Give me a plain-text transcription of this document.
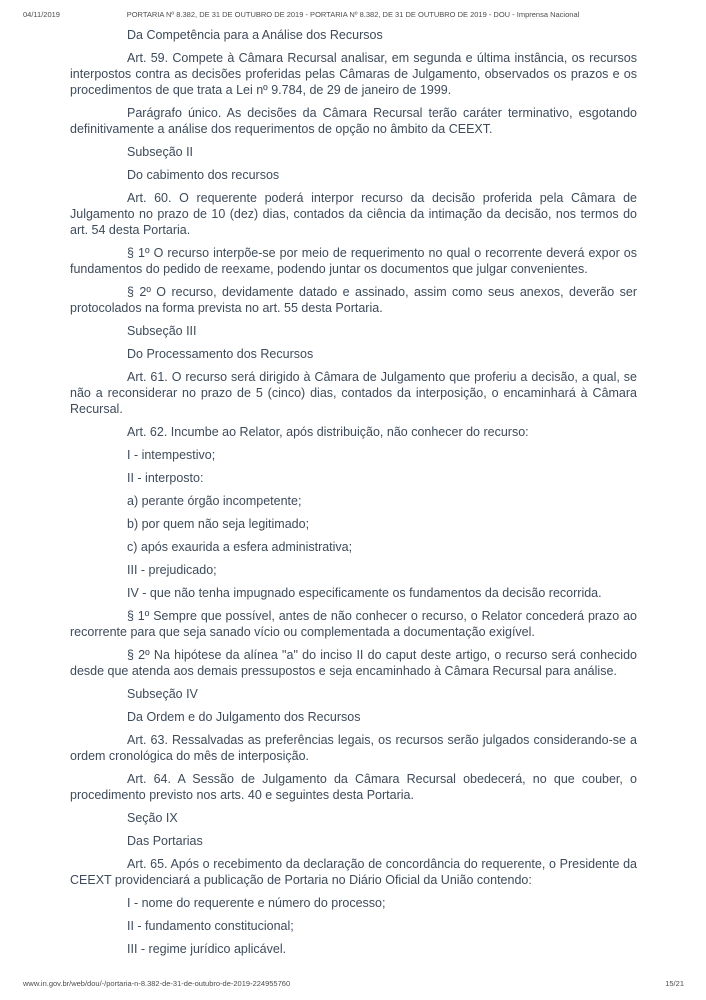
04/11/2019	PORTARIA Nº 8.382, DE 31 DE OUTUBRO DE 2019 - PORTARIA Nº 8.382, DE 31 DE OUTUBRO DE 2019 - DOU - Imprensa Nacional

Da Competência para a Análise dos Recursos

Art. 59. Compete à Câmara Recursal analisar, em segunda e última instância, os recursos interpostos contra as decisões proferidas pelas Câmaras de Julgamento, observados os prazos e os procedimentos de que trata a Lei nº 9.784, de 29 de janeiro de 1999.

Parágrafo único. As decisões da Câmara Recursal terão caráter terminativo, esgotando definitivamente a análise dos requerimentos de opção no âmbito da CEEXT.

Subseção II

Do cabimento dos recursos

Art. 60. O requerente poderá interpor recurso da decisão proferida pela Câmara de Julgamento no prazo de 10 (dez) dias, contados da ciência da intimação da decisão, nos termos do art. 54 desta Portaria.

§ 1º O recurso interpõe-se por meio de requerimento no qual o recorrente deverá expor os fundamentos do pedido de reexame, podendo juntar os documentos que julgar convenientes.

§ 2º O recurso, devidamente datado e assinado, assim como seus anexos, deverão ser protocolados na forma prevista no art. 55 desta Portaria.

Subseção III

Do Processamento dos Recursos

Art. 61. O recurso será dirigido à Câmara de Julgamento que proferiu a decisão, a qual, se não a reconsiderar no prazo de 5 (cinco) dias, contados da interposição, o encaminhará à Câmara Recursal.

Art. 62. Incumbe ao Relator, após distribuição, não conhecer do recurso:

I - intempestivo;

II - interposto:

a) perante órgão incompetente;

b) por quem não seja legitimado;

c) após exaurida a esfera administrativa;

III - prejudicado;

IV - que não tenha impugnado especificamente os fundamentos da decisão recorrida.

§ 1º Sempre que possível, antes de não conhecer o recurso, o Relator concederá prazo ao recorrente para que seja sanado vício ou complementada a documentação exigível.

§ 2º Na hipótese da alínea "a" do inciso II do caput deste artigo, o recurso será conhecido desde que atenda aos demais pressupostos e seja encaminhado à Câmara Recursal para análise.

Subseção IV

Da Ordem e do Julgamento dos Recursos

Art. 63. Ressalvadas as preferências legais, os recursos serão julgados considerando-se a ordem cronológica do mês de interposição.

Art. 64. A Sessão de Julgamento da Câmara Recursal obedecerá, no que couber, o procedimento previsto nos arts. 40 e seguintes desta Portaria.

Seção IX

Das Portarias

Art. 65. Após o recebimento da declaração de concordância do requerente, o Presidente da CEEXT providenciará a publicação de Portaria no Diário Oficial da União contendo:

I - nome do requerente e número do processo;

II - fundamento constitucional;

III - regime jurídico aplicável.

www.in.gov.br/web/dou/-/portaria-n-8.382-de-31-de-outubro-de-2019-224955760	15/21
